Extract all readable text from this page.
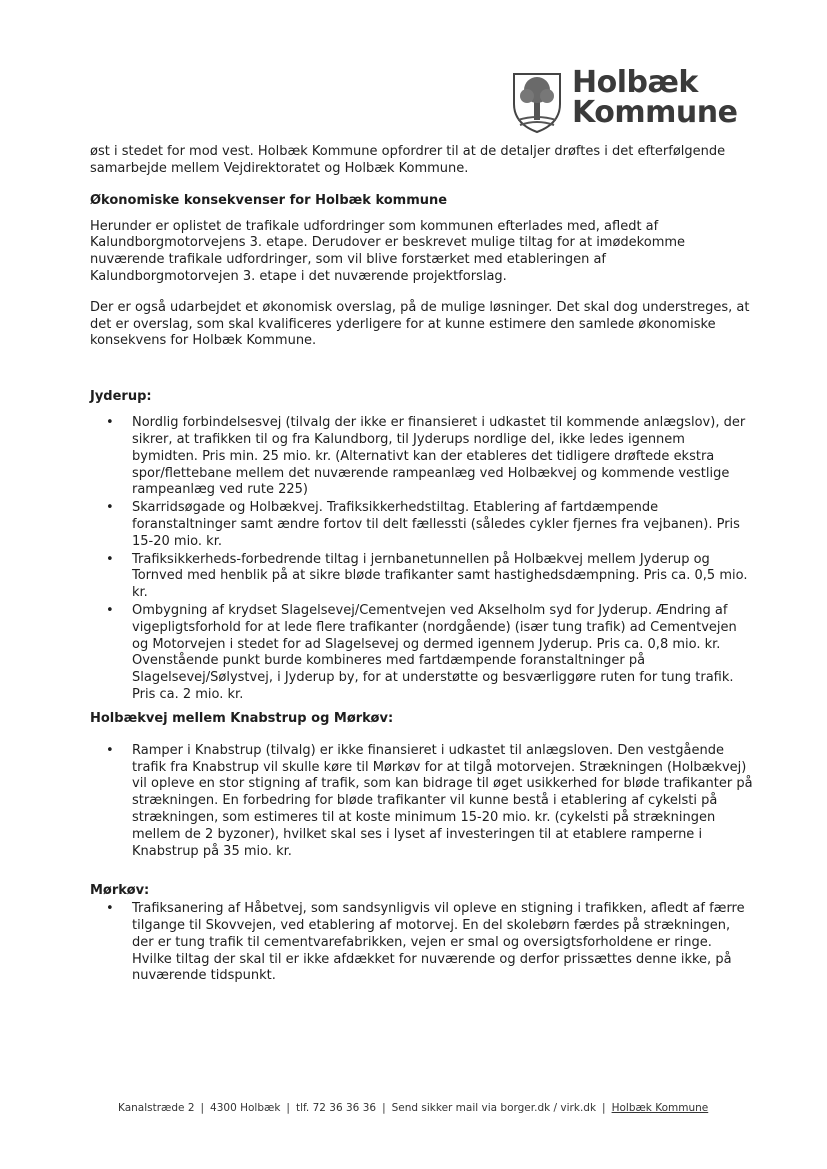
Holbæk
Kommune

øst i stedet for mod vest. Holbæk Kommune opfordrer til at de detaljer drøftes i det efterfølgende samarbejde mellem Vejdirektoratet og Holbæk Kommune.

Økonomiske konsekvenser for Holbæk kommune

Herunder er oplistet de trafikale udfordringer som kommunen efterlades med, afledt af Kalundborgmotorvejens 3. etape. Derudover er beskrevet mulige tiltag for at imødekomme nuværende trafikale udfordringer, som vil blive forstærket med etableringen af Kalundborgmotorvejen 3. etape i det nuværende projektforslag.

Der er også udarbejdet et økonomisk overslag, på de mulige løsninger. Det skal dog understreges, at det er overslag, som skal kvalificeres yderligere for at kunne estimere den samlede økonomiske konsekvens for Holbæk Kommune.

Jyderup:
• Nordlig forbindelsesvej (tilvalg der ikke er finansieret i udkastet til kommende anlægslov), der sikrer, at trafikken til og fra Kalundborg, til Jyderups nordlige del, ikke ledes igennem bymidten. Pris min. 25 mio. kr. (Alternativt kan der etableres det tidligere drøftede ekstra spor/flettebane mellem det nuværende rampeanlæg ved Holbækvej og kommende vestlige rampeanlæg ved rute 225)
• Skarridsøgade og Holbækvej. Trafiksikkerhedstiltag. Etablering af fartdæmpende foranstaltninger samt ændre fortov til delt fællessti (således cykler fjernes fra vejbanen). Pris 15-20 mio. kr.
• Trafiksikkerheds-forbedrende tiltag i jernbanetunnellen på Holbækvej mellem Jyderup og Tornved med henblik på at sikre bløde trafikanter samt hastighedsdæmpning. Pris ca. 0,5 mio. kr.
• Ombygning af krydset Slagelsevej/Cementvejen ved Akselholm syd for Jyderup. Ændring af vigepligtsforhold for at lede flere trafikanter (nordgående) (især tung trafik) ad Cementvejen og Motorvejen i stedet for ad Slagelsevej og dermed igennem Jyderup. Pris ca. 0,8 mio. kr.
Ovenstående punkt burde kombineres med fartdæmpende foranstaltninger på Slagelsevej/Sølystvej, i Jyderup by, for at understøtte og besværliggøre ruten for tung trafik. Pris ca. 2 mio. kr.
Holbækvej mellem Knabstrup og Mørkøv:
• Ramper i Knabstrup (tilvalg) er ikke finansieret i udkastet til anlægsloven. Den vestgående trafik fra Knabstrup vil skulle køre til Mørkøv for at tilgå motorvejen. Strækningen (Holbækvej) vil opleve en stor stigning af trafik, som kan bidrage til øget usikkerhed for bløde trafikanter på strækningen. En forbedring for bløde trafikanter vil kunne bestå i etablering af cykelsti på strækningen, som estimeres til at koste minimum 15-20 mio. kr. (cykelsti på strækningen mellem de 2 byzoner), hvilket skal ses i lyset af investeringen til at etablere ramperne i Knabstrup på 35 mio. kr.
Mørkøv:
• Trafiksanering af Håbetvej, som sandsynligvis vil opleve en stigning i trafikken, afledt af færre tilgange til Skovvejen, ved etablering af motorvej. En del skolebørn færdes på strækningen, der er tung trafik til cementvarefabrikken, vejen er smal og oversigtsforholdene er ringe. Hvilke tiltag der skal til er ikke afdækket for nuværende og derfor prissættes denne ikke, på nuværende tidspunkt.
Kanalstræde 2 | 4300 Holbæk | tlf. 72 36 36 36 | Send sikker mail via borger.dk / virk.dk | Holbæk Kommune
